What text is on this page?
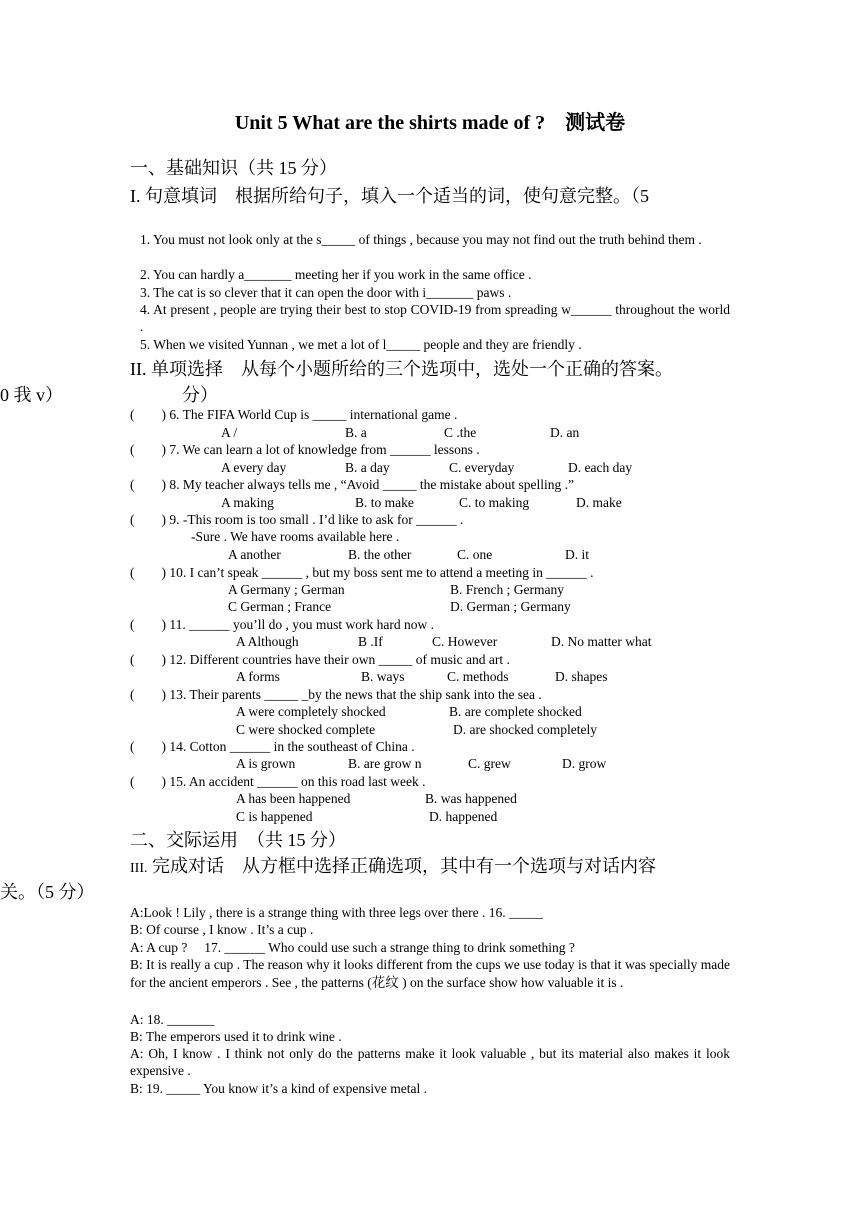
Unit 5 What are the shirts made of ?　测试卷
一、基础知识（共 15 分）
I. 句意填词　根据所给句子，填入一个适当的词，使句意完整。（5
1. You must not look only at the s_____ of things , because you may not find out the truth behind them .
2. You can hardly a_______ meeting her if you work in the same office .
3. The cat is so clever that it can open the door with i_______ paws .
4. At present , people are trying their best to stop COVID-19 from spreading w______ throughout the world .
5. When we visited Yunnan , we met a lot of l_____ people and they are friendly .
II. 单项选择　从每个小题所给的三个选项中，选处一个正确的答案。
0 我 v）	分）
(　　) 6. The FIFA World Cup is _____ international game .
A /	B. a	C .the	D. an
(　　) 7. We can learn a lot of knowledge from ______ lessons .
A every day	B. a day	C. everyday	D. each day
(　　) 8. My teacher always tells me , “Avoid _____ the mistake about spelling .”
A making	B. to make	C. to making	D. make
(　　) 9. -This room is too small . I’d like to ask for ______ .
-Sure . We have rooms available here .
A another	B. the other	C. one	D. it
(　　) 10. I can’t speak ______ , but my boss sent me to attend a meeting in ______ .
A Germany ; German	B. French ; Germany
C German ; France	D. German ; Germany
(　　) 11. ______ you’ll do , you must work hard now .
A Although	B .If	C. However	D. No matter what
(　　) 12. Different countries have their own _____ of music and art .
A forms	B. ways	C. methods	D. shapes
(　　) 13. Their parents _____ _by the news that the ship sank into the sea .
A were completely shocked	B. are complete shocked
C were shocked complete	D. are shocked completely
(　　) 14. Cotton ______ in the southeast of China .
A is grown	B. are grow n	C. grew	D. grow
(　　) 15. An accident ______ on this road last week .
A has been happened	B. was happened
C is happened	D. happened
二、交际运用　（共 15 分）
III. 完成对话　从方框中选择正确选项，其中有一个选项与对话内容
关。（5 分）
A:Look ! Lily , there is a strange thing with three legs over there . 16. _____
B: Of course , I know . It’s a cup .
A: A cup ?　 17. ______ Who could use such a strange thing to drink something ?
B: It is really a cup . The reason why it looks different from the cups we use today is that it was specially made for the ancient emperors . See , the patterns (花纹 ) on the surface show how valuable it is .
A: 18. _______
B: The emperors used it to drink wine .
A: Oh, I know . I think not only do the patterns make it look valuable , but its material also makes it look expensive .
B: 19. _____ You know it’s a kind of expensive metal .
